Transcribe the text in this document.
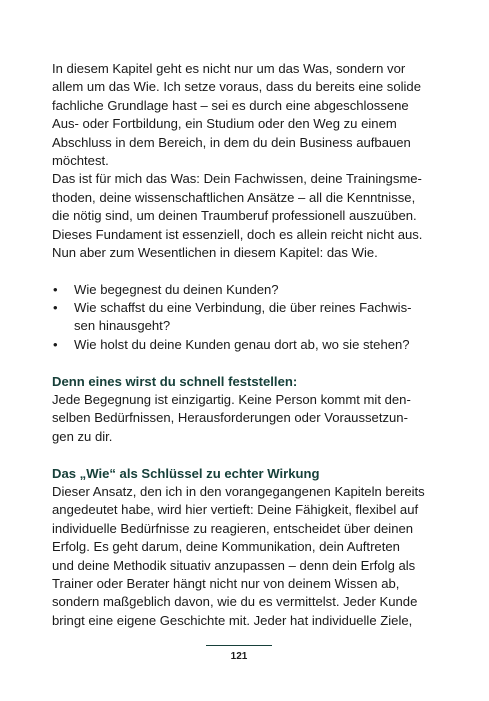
In diesem Kapitel geht es nicht nur um das Was, sondern vor
allem um das Wie. Ich setze voraus, dass du bereits eine solide
fachliche Grundlage hast – sei es durch eine abgeschlossene
Aus- oder Fortbildung, ein Studium oder den Weg zu einem
Abschluss in dem Bereich, in dem du dein Business aufbauen
möchtest.
Das ist für mich das Was: Dein Fachwissen, deine Trainingsme-
thoden, deine wissenschaftlichen Ansätze – all die Kenntnisse,
die nötig sind, um deinen Traumberuf professionell auszuüben.
Dieses Fundament ist essenziell, doch es allein reicht nicht aus.
Nun aber zum Wesentlichen in diesem Kapitel: das Wie.
• Wie begegnest du deinen Kunden?
• Wie schaffst du eine Verbindung, die über reines Fachwis-
sen hinausgeht?
• Wie holst du deine Kunden genau dort ab, wo sie stehen?
Denn eines wirst du schnell feststellen:
Jede Begegnung ist einzigartig. Keine Person kommt mit den-
selben Bedürfnissen, Herausforderungen oder Voraussetzun-
gen zu dir.
Das „Wie“ als Schlüssel zu echter Wirkung
Dieser Ansatz, den ich in den vorangegangenen Kapiteln bereits
angedeutet habe, wird hier vertieft: Deine Fähigkeit, flexibel auf
individuelle Bedürfnisse zu reagieren, entscheidet über deinen
Erfolg. Es geht darum, deine Kommunikation, dein Auftreten
und deine Methodik situativ anzupassen – denn dein Erfolg als
Trainer oder Berater hängt nicht nur von deinem Wissen ab,
sondern maßgeblich davon, wie du es vermittelst. Jeder Kunde
bringt eine eigene Geschichte mit. Jeder hat individuelle Ziele,
121
